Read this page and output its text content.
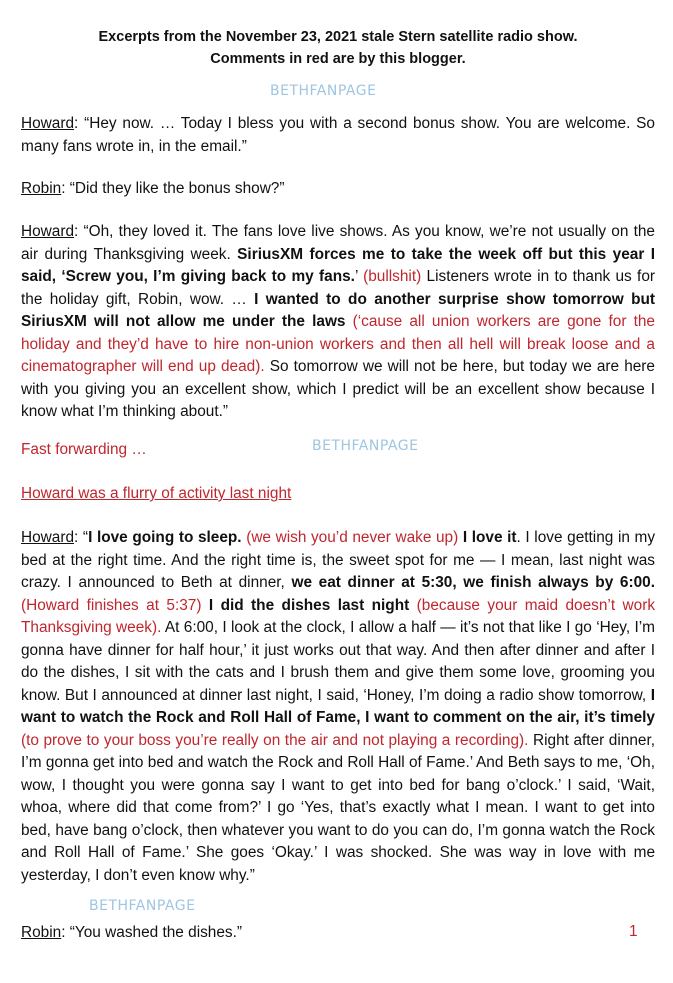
Excerpts from the November 23, 2021 stale Stern satellite radio show.
Comments in red are by this blogger.
BETHFANPAGE

Howard: “Hey now. … Today I bless you with a second bonus show. You are welcome. So many fans wrote in, in the email.”

Robin: “Did they like the bonus show?”

Howard: “Oh, they loved it. The fans love live shows. As you know, we’re not usually on the air during Thanksgiving week. SiriusXM forces me to take the week off but this year I said, ‘Screw you, I’m giving back to my fans.’ (bullshit) Listeners wrote in to thank us for the holiday gift, Robin, wow. … I wanted to do another surprise show tomorrow but SiriusXM will not allow me under the laws (‘cause all union workers are gone for the holiday and they’d have to hire non-union workers and then all hell will break loose and a cinematographer will end up dead). So tomorrow we will not be here, but today we are here with you giving you an excellent show, which I predict will be an excellent show because I know what I’m thinking about.”

Fast forwarding …	BETHFANPAGE
Howard was a flurry of activity last night

Howard: “I love going to sleep. (we wish you’d never wake up) I love it. I love getting in my bed at the right time. And the right time is, the sweet spot for me — I mean, last night was crazy. I announced to Beth at dinner, we eat dinner at 5:30, we finish always by 6:00. (Howard finishes at 5:37) I did the dishes last night (because your maid doesn’t work Thanksgiving week). At 6:00, I look at the clock, I allow a half — it’s not that like I go ‘Hey, I’m gonna have dinner for half hour,’ it just works out that way. And then after dinner and after I do the dishes, I sit with the cats and I brush them and give them some love, grooming you know. But I announced at dinner last night, I said, ‘Honey, I’m doing a radio show tomorrow, I want to watch the Rock and Roll Hall of Fame, I want to comment on the air, it’s timely (to prove to your boss you’re really on the air and not playing a recording). Right after dinner, I’m gonna get into bed and watch the Rock and Roll Hall of Fame.’ And Beth says to me, ‘Oh, wow, I thought you were gonna say I want to get into bed for bang o’clock.’ I said, ‘Wait, whoa, where did that come from?’ I go ‘Yes, that’s exactly what I mean. I want to get into bed, have bang o’clock, then whatever you want to do you can do, I’m gonna watch the Rock and Roll Hall of Fame.’ She goes ‘Okay.’ I was shocked. She was way in love with me yesterday, I don’t even know why.”

BETHFANPAGE

Robin: “You washed the dishes.”	1
